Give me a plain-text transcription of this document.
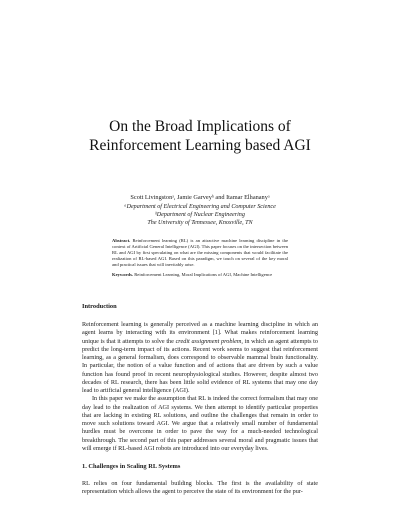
On the Broad Implications of
Reinforcement Learning based AGI
Scott Livingstonᵃ, Jamie Garveyᵇ and Itamar Elhananyᵃ
ᵃDepartment of Electrical Engineering and Computer Science
ᵇDepartment of Nuclear Engineering
The University of Tennessee, Knoxville, TN

Abstract. Reinforcement learning (RL) is an attractive machine learning discipline in the context of Artificial General Intelligence (AGI). This paper focuses on the intersection between RL and AGI by first speculating on what are the missing components that would facilitate the realization of RL-based AGI. Based on this paradigm, we touch on several of the key moral and practical issues that will inevitably arise.

Keywords. Reinforcement Learning, Moral Implications of AGI, Machine Intelligence

Introduction

Reinforcement learning is generally perceived as a machine learning discipline in which an agent learns by interacting with its environment [1]. What makes reinforcement learning unique is that it attempts to solve the credit assignment problem, in which an agent attempts to predict the long-term impact of its actions. Recent work seems to suggest that reinforcement learning, as a general formalism, does correspond to observable mammal brain functionality. In particular, the notion of a value function and of actions that are driven by such a value function has found proof in recent neurophysiological studies. However, despite almost two decades of RL research, there has been little solid evidence of RL systems that may one day lead to artificial general intelligence (AGI).

In this paper we make the assumption that RL is indeed the correct formalism that may one day lead to the realization of AGI systems. We then attempt to identify particular properties that are lacking in existing RL solutions, and outline the challenges that remain in order to move such solutions toward AGI. We argue that a relatively small number of fundamental hurdles must be overcome in order to pave the way for a much-needed technological breakthrough. The second part of this paper addresses several moral and pragmatic issues that will emerge if RL-based AGI robots are introduced into our everyday lives.

1. Challenges in Scaling RL Systems

RL relies on four fundamental building blocks. The first is the availability of state representation which allows the agent to perceive the state of its environment for the pur-
